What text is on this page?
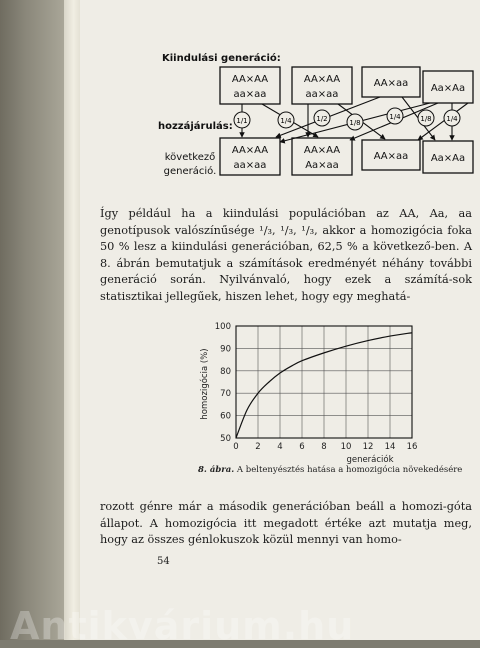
Kiindulási generáció:
hozzájárulás:
következő
generáció.
AA×AA
aa×aa
AA×AA
aa×aa
AA×aa Aa×Aa
AA×AA
aa×aa
AA×AA
Aa×aa
AA×aa Aa×Aa
1/1	1/4	1/2	1/8
1/4	1/8 1/4

Így például ha a kiindulási populációban az AA, Aa, aa genotípusok valószínűsége ¹/₃, ¹/₃, ¹/₃, akkor a homozigócia foka 50 % lesz a kiindulási generációban, 62,5 % a következő-ben. A 8. ábrán bemutatjuk a számítások eredményét néhány további generáció során. Nyilvánvaló, hogy ezek a számítá-sok statisztikai jellegűek, hiszen lehet, hogy egy meghatá-

0 2 4 6 8 10 12 14 16
50
60
70
80
90
100
homozigócia (%)
generációk
8. ábra. A beltenyésztés hatása a homozigócia növekedésére

rozott génre már a második generációban beáll a homozi-góta állapot. A homozigócia itt megadott értéke azt mutatja meg, hogy az összes génlokuszok közül mennyi van homo-

54
Antikvárium.hu
